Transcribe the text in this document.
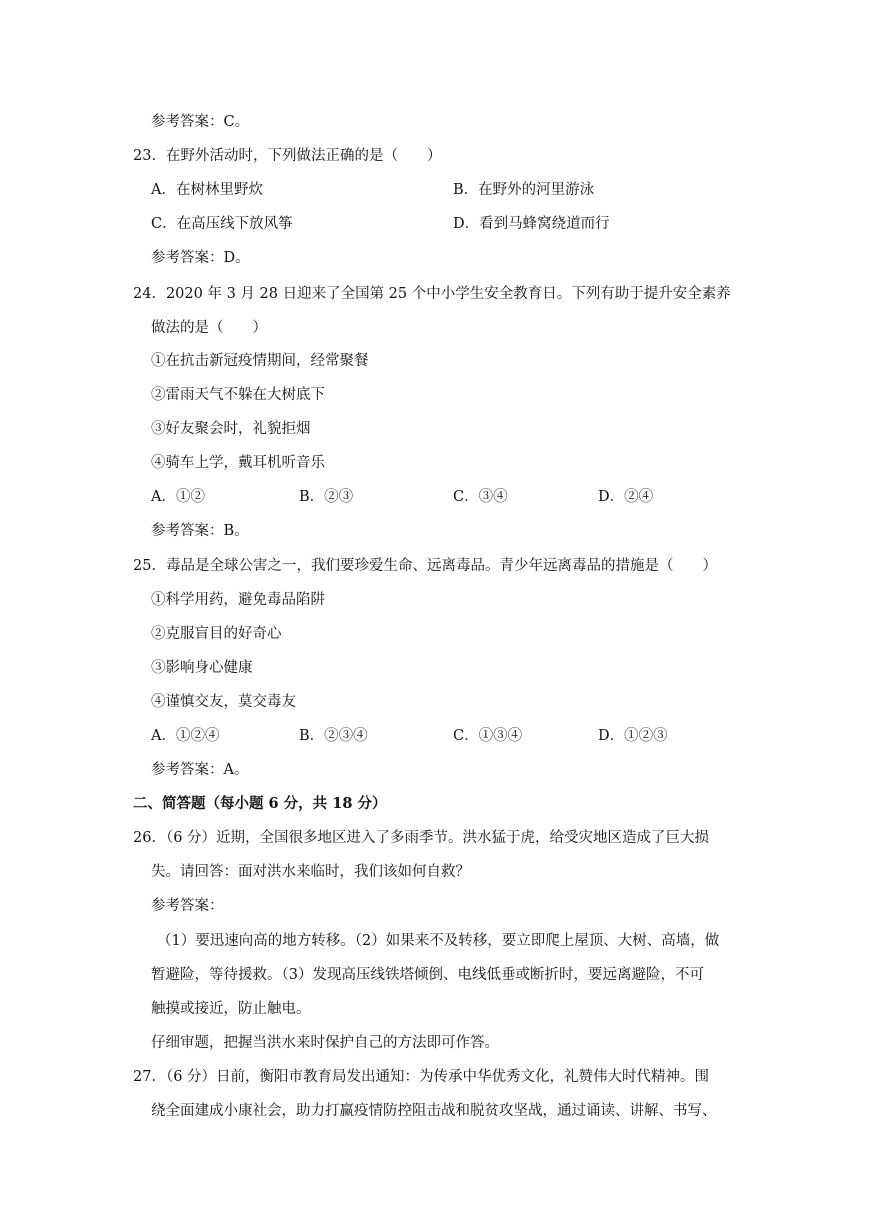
参考答案：C。
23．在野外活动时，下列做法正确的是（　　）
A．在树林里野炊	B．在野外的河里游泳
C．在高压线下放风筝	D．看到马蜂窝绕道而行
参考答案：D。
24．2020 年 3 月 28 日迎来了全国第 25 个中小学生安全教育日。下列有助于提升安全素养
做法的是（　　）
①在抗击新冠疫情期间，经常聚餐
②雷雨天气不躲在大树底下
③好友聚会时，礼貌拒烟
④骑车上学，戴耳机听音乐
A．①②	B．②③	C．③④	D．②④
参考答案：B。
25．毒品是全球公害之一，我们要珍爱生命、远离毒品。青少年远离毒品的措施是（　　）
①科学用药，避免毒品陷阱
②克服盲目的好奇心
③影响身心健康
④谨慎交友，莫交毒友
A．①②④	B．②③④	C．①③④	D．①②③
参考答案：A。
二、简答题（每小题 6 分，共 18 分）
26．（6 分）近期，全国很多地区进入了多雨季节。洪水猛于虎，给受灾地区造成了巨大损
失。请回答：面对洪水来临时，我们该如何自救？
参考答案：
（1）要迅速向高的地方转移。（2）如果来不及转移，要立即爬上屋顶、大树、高墙，做
暂避险，等待援救。（3）发现高压线铁塔倾倒、电线低垂或断折时，要远离避险，不可
触摸或接近，防止触电。
仔细审题，把握当洪水来时保护自己的方法即可作答。
27．（6 分）日前，衡阳市教育局发出通知：为传承中华优秀文化，礼赞伟大时代精神。围
绕全面建成小康社会，助力打赢疫情防控阻击战和脱贫攻坚战，通过诵读、讲解、书写、
